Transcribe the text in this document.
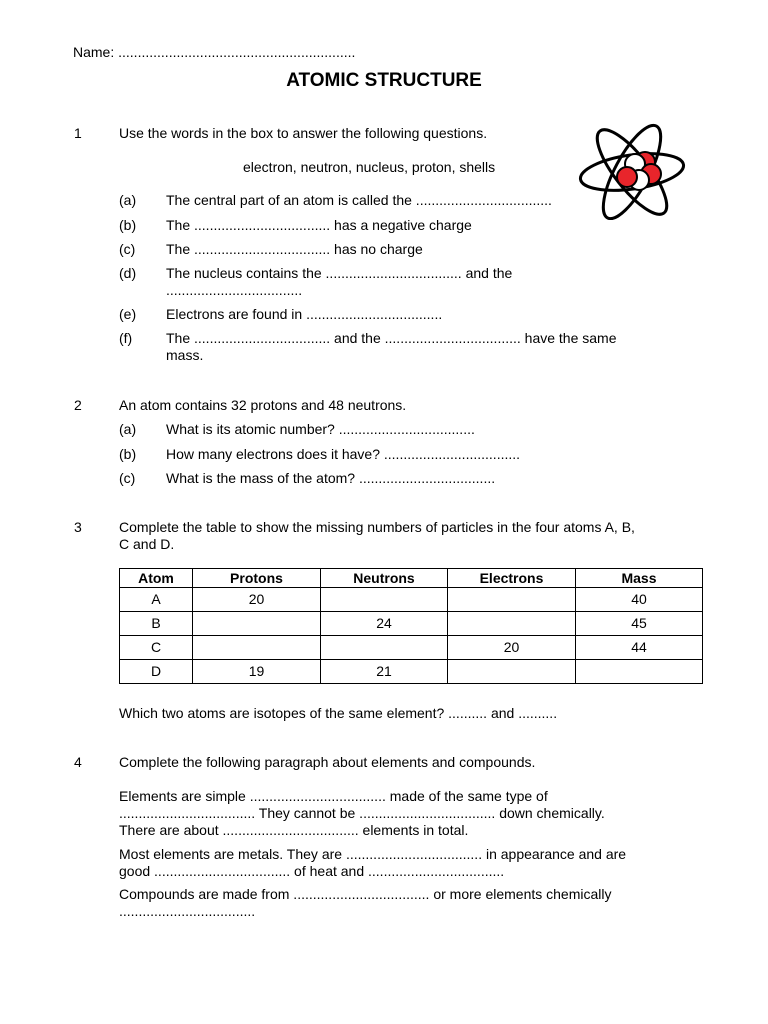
Name: .............................................................
ATOMIC STRUCTURE
1	Use the words in the box to answer the following questions.
electron, neutron, nucleus, proton, shells
(a) The central part of an atom is called the ...................................
(b) The ................................... has a negative charge
(c) The ................................... has no charge
(d) The nucleus contains the ................................... and the
...................................
(e) Electrons are found in ...................................
(f) The ................................... and the ................................... have the same
mass.
2	An atom contains 32 protons and 48 neutrons.
(a) What is its atomic number? ...................................
(b) How many electrons does it have? ...................................
(c) What is the mass of the atom? ...................................
3	Complete the table to show the missing numbers of particles in the four atoms A, B,
C and D.
Atom	Protons	Neutrons	Electrons	Mass
A	20			40
B		24		45
C			20	44
D	19	21		
Which two atoms are isotopes of the same element? .......... and ..........
4	Complete the following paragraph about elements and compounds.
Elements are simple ................................... made of the same type of
................................... They cannot be ................................... down chemically.
There are about ................................... elements in total.
Most elements are metals. They are ................................... in appearance and are
good ................................... of heat and ...................................
Compounds are made from ................................... or more elements chemically
...................................
